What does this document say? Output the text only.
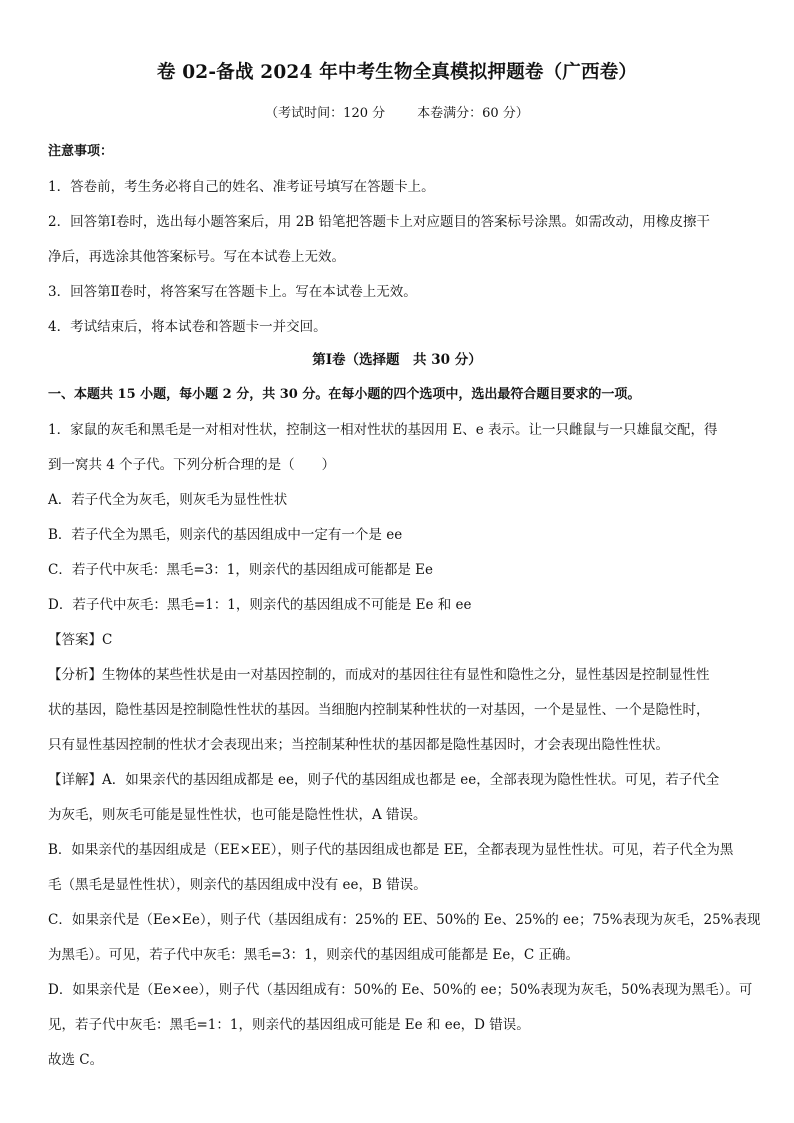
卷 02-备战 2024 年中考生物全真模拟押题卷（广西卷）
（考试时间：120 分 本卷满分：60 分）
注意事项：
1．答卷前，考生务必将自己的姓名、准考证号填写在答题卡上。
2．回答第Ⅰ卷时，选出每小题答案后，用 2B 铅笔把答题卡上对应题目的答案标号涂黑。如需改动，用橡皮擦干
净后，再选涂其他答案标号。写在本试卷上无效。
3．回答第Ⅱ卷时，将答案写在答题卡上。写在本试卷上无效。
4．考试结束后，将本试卷和答题卡一并交回。
第Ⅰ卷（选择题　共 30 分）
一、本题共 15 小题，每小题 2 分，共 30 分。在每小题的四个选项中，选出最符合题目要求的一项。
1．家鼠的灰毛和黑毛是一对相对性状，控制这一相对性状的基因用 E、e 表示。让一只雌鼠与一只雄鼠交配，得
到一窝共 4 个子代。下列分析合理的是（　　）
A．若子代全为灰毛，则灰毛为显性性状
B．若子代全为黑毛，则亲代的基因组成中一定有一个是 ee
C．若子代中灰毛：黑毛=3：1，则亲代的基因组成可能都是 Ee
D．若子代中灰毛：黑毛=1：1，则亲代的基因组成不可能是 Ee 和 ee
【答案】C
【分析】生物体的某些性状是由一对基因控制的，而成对的基因往往有显性和隐性之分，显性基因是控制显性性
状的基因，隐性基因是控制隐性性状的基因。当细胞内控制某种性状的一对基因，一个是显性、一个是隐性时，
只有显性基因控制的性状才会表现出来；当控制某种性状的基因都是隐性基因时，才会表现出隐性性状。
【详解】A．如果亲代的基因组成都是 ee，则子代的基因组成也都是 ee，全部表现为隐性性状。可见，若子代全
为灰毛，则灰毛可能是显性性状，也可能是隐性性状，A 错误。
B．如果亲代的基因组成是（EE×EE），则子代的基因组成也都是 EE，全都表现为显性性状。可见，若子代全为黑
毛（黑毛是显性性状），则亲代的基因组成中没有 ee，B 错误。
C．如果亲代是（Ee×Ee），则子代（基因组成有：25%的 EE、50%的 Ee、25%的 ee；75%表现为灰毛，25%表现
为黑毛）。可见，若子代中灰毛：黑毛=3：1，则亲代的基因组成可能都是 Ee，C 正确。
D．如果亲代是（Ee×ee），则子代（基因组成有：50%的 Ee、50%的 ee；50%表现为灰毛，50%表现为黑毛）。可
见，若子代中灰毛：黑毛=1：1，则亲代的基因组成可能是 Ee 和 ee，D 错误。
故选 C。
